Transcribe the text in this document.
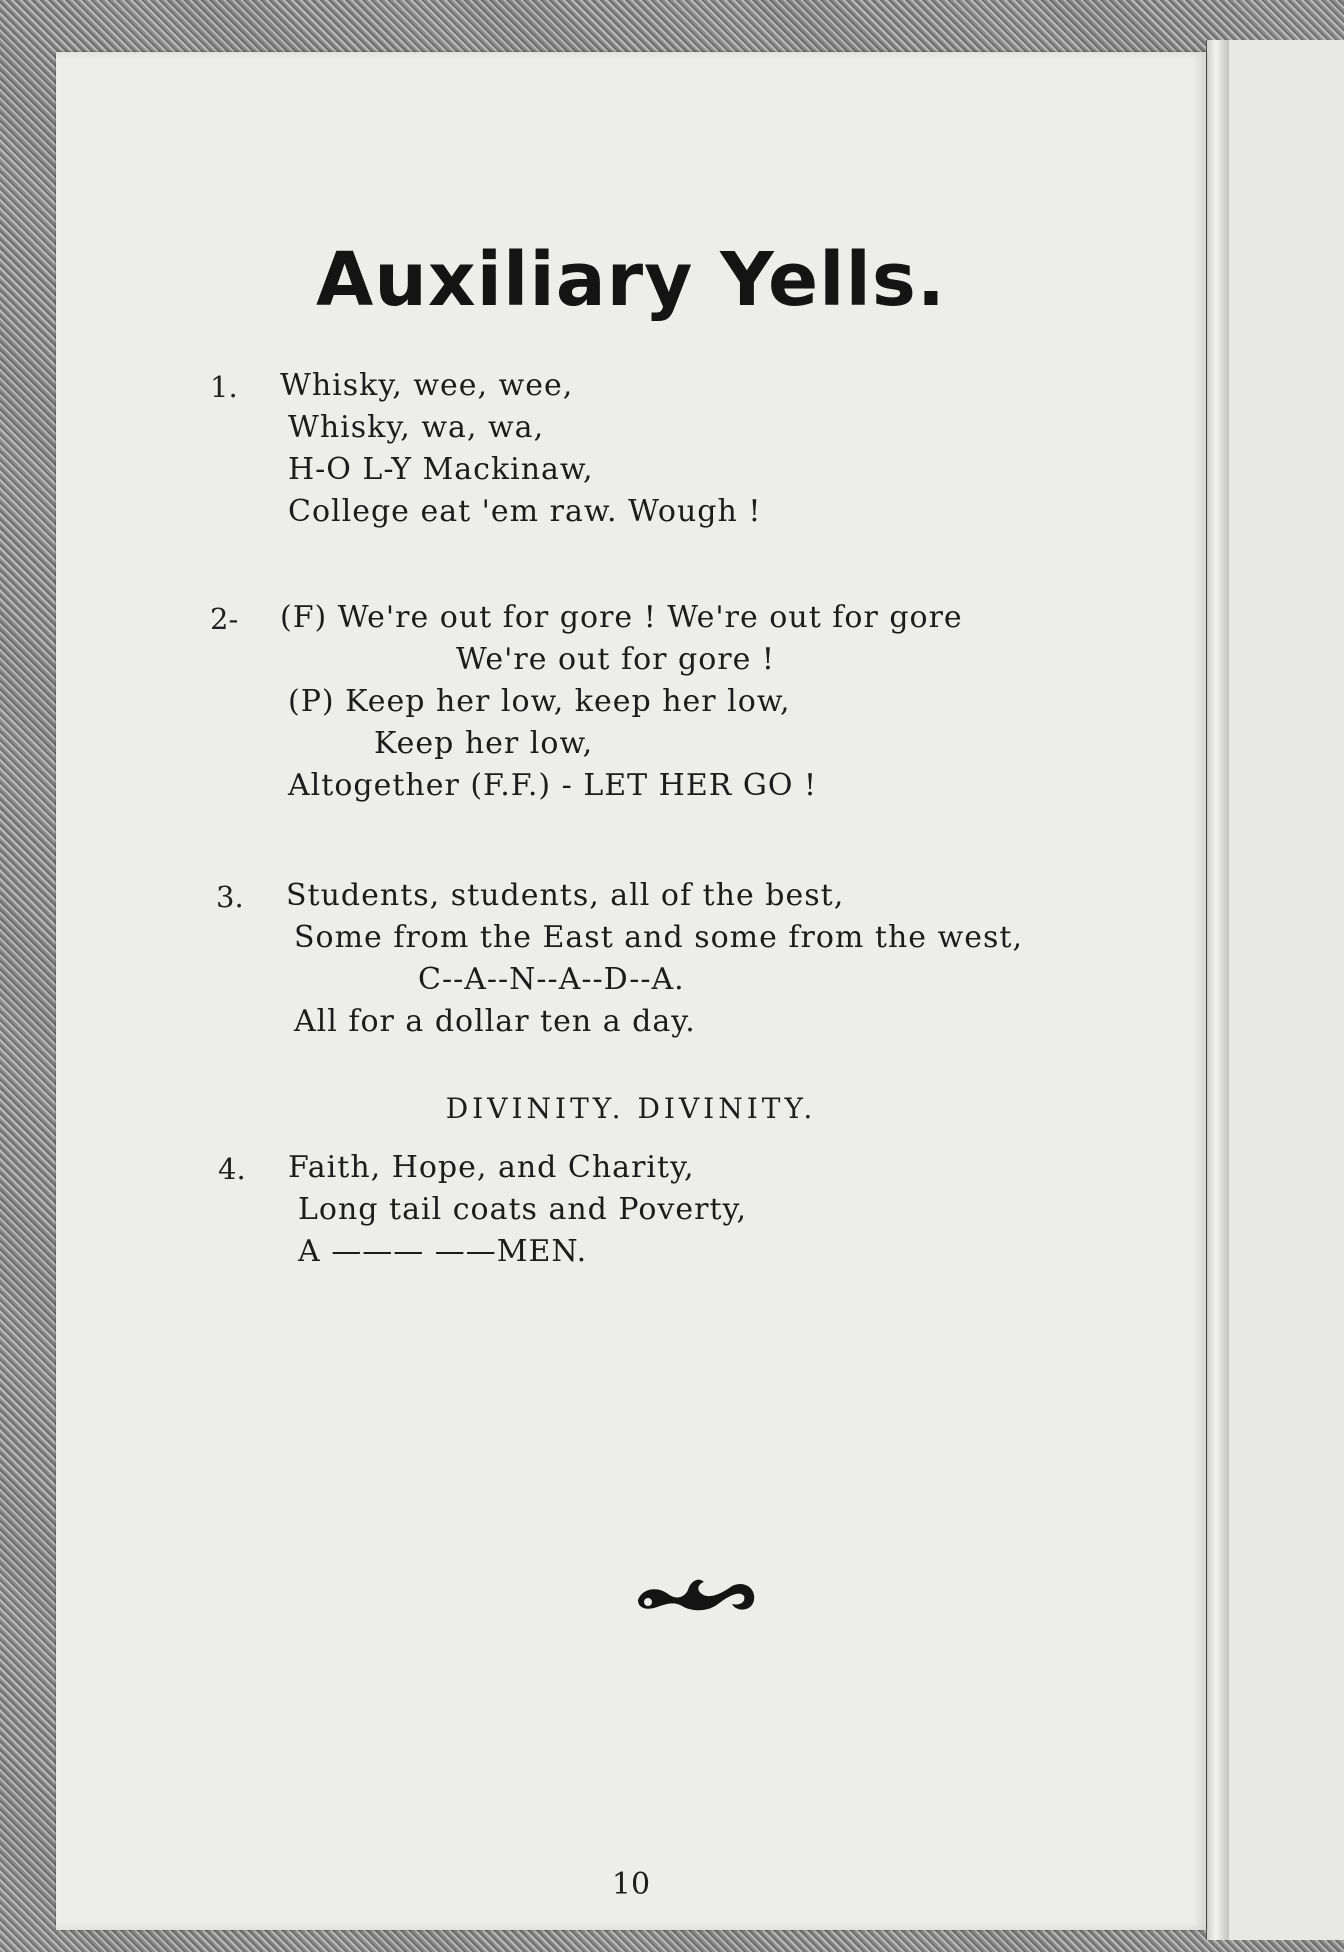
Auxiliary Yells.
1. Whisky, wee, wee,
Whisky, wa, wa,
H-O L-Y Mackinaw,
College eat 'em raw. Wough !
2- (F) We're out for gore ! We're out for gore
We're out for gore !
(P) Keep her low, keep her low,
Keep her low,
Altogether (F.F.) - LET HER GO !
3. Students, students, all of the best,
Some from the East and some from the west,
C--A--N--A--D--A.
All for a dollar ten a day.
DIVINITY. DIVINITY.
4. Faith, Hope, and Charity,
Long tail coats and Poverty,
A ——— ——MEN.
10
